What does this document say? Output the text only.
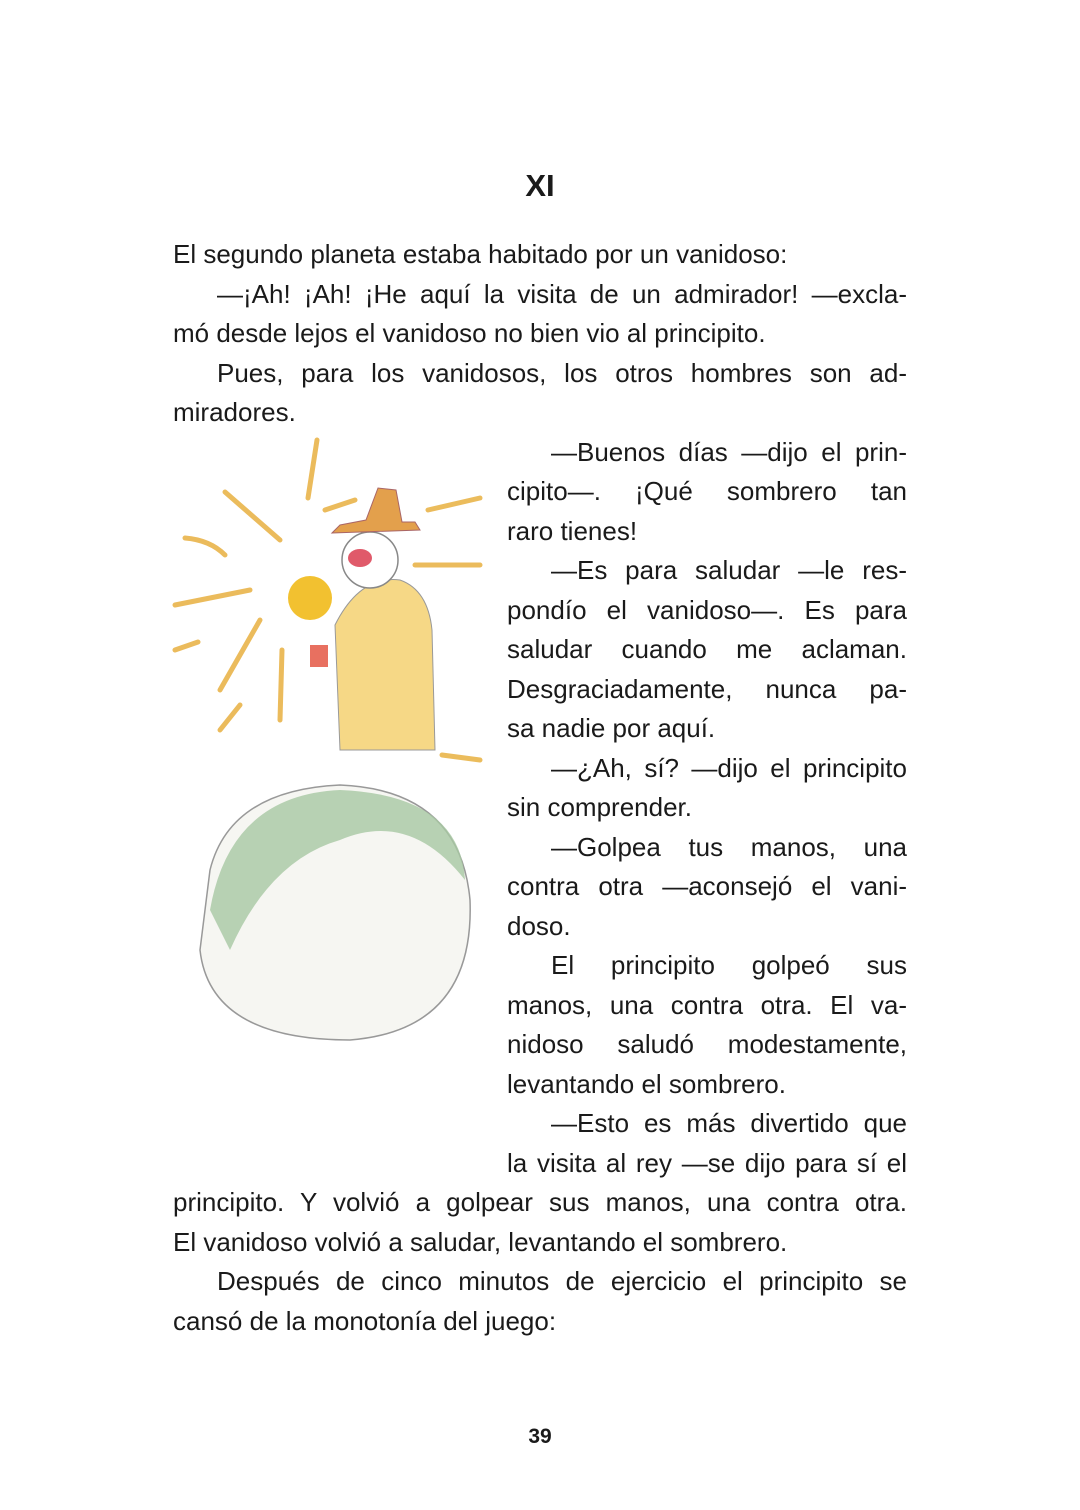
XI
El segundo planeta estaba habitado por un vanidoso:
—¡Ah! ¡Ah! ¡He aquí la visita de un admirador! —excla-
mó desde lejos el vanidoso no bien vio al principito.
Pues, para los vanidosos, los otros hombres son ad-
miradores.
—Buenos días —dijo el prin-
cipito—. ¡Qué sombrero tan
raro tienes!
—Es para saludar —le res-
pondío el vanidoso—. Es para
saludar cuando me aclaman.
Desgraciadamente, nunca pa-
sa nadie por aquí.
—¿Ah, sí? —dijo el principito
sin comprender.
—Golpea tus manos, una
contra otra —aconsejó el vani-
doso.
El principito golpeó sus
manos, una contra otra. El va-
nidoso saludó modestamente,
levantando el sombrero.
—Esto es más divertido que
la visita al rey —se dijo para sí el
principito. Y volvió a golpear sus manos, una contra otra.
El vanidoso volvió a saludar, levantando el sombrero.
Después de cinco minutos de ejercicio el principito se
cansó de la monotonía del juego:
39
